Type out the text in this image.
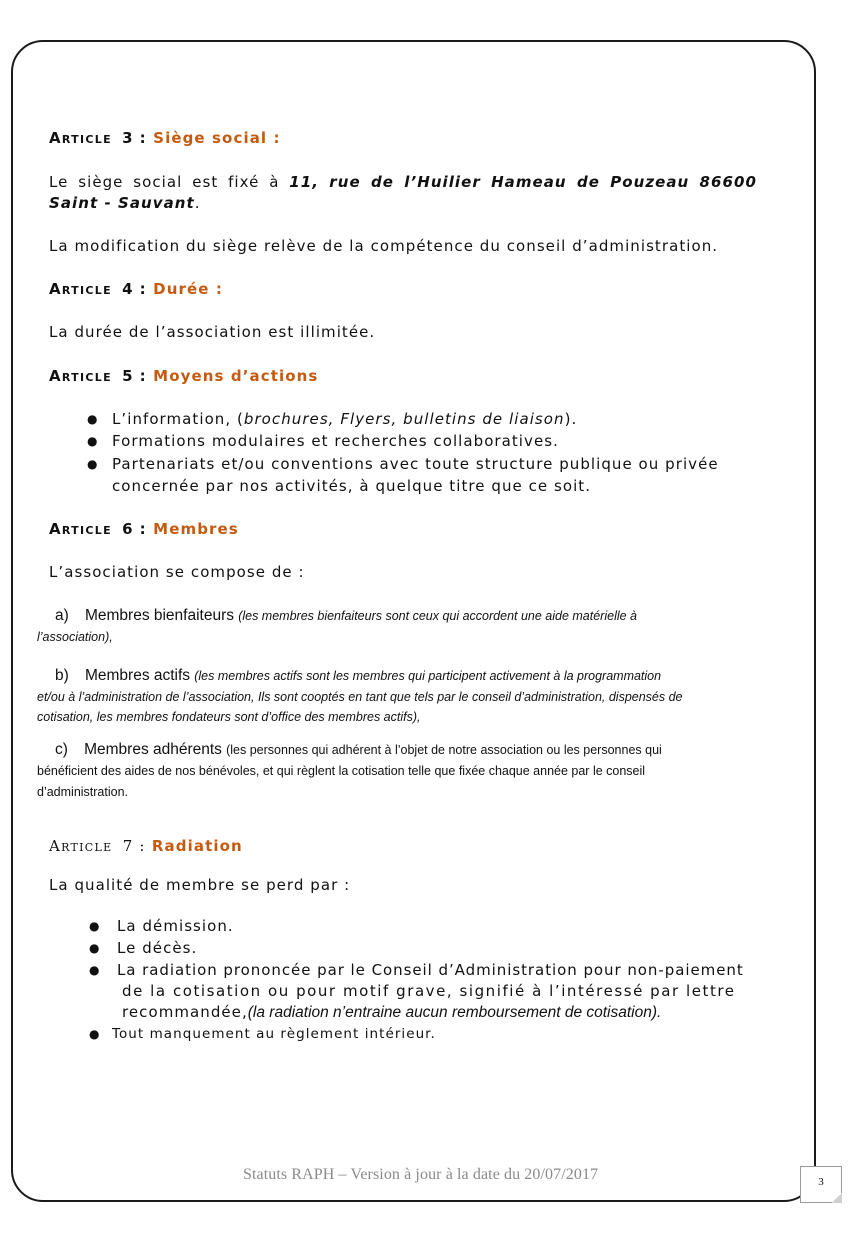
Article 3 : Siège social :

Le siège social est fixé à 11, rue de l’Huilier Hameau de Pouzeau 86600 Saint - Sauvant.

La modification du siège relève de la compétence du conseil d’administration.

Article 4 : Durée :

La durée de l’association est illimitée.

Article 5 : Moyens d’actions
● L’information, (brochures, Flyers, bulletins de liaison).
● Formations modulaires et recherches collaboratives.
● Partenariats et/ou conventions avec toute structure publique ou privée concernée par nos activités, à quelque titre que ce soit.
Article 6 : Membres

L’association se compose de :

a) Membres bienfaiteurs (les membres bienfaiteurs sont ceux qui accordent une aide matérielle à
l’association),
b) Membres actifs (les membres actifs sont les membres qui participent activement à la programmation
et/ou à l’administration de l’association, Ils sont cooptés en tant que tels par le conseil d’administration, dispensés de
cotisation, les membres fondateurs sont d’office des membres actifs),
c) Membres adhérents (les personnes qui adhérent à l’objet de notre association ou les personnes qui
bénéficient des aides de nos bénévoles, et qui règlent la cotisation telle que fixée chaque année par le conseil
d’administration.
Article 7 : Radiation

La qualité de membre se perd par :

● La démission.
● Le décès.
● La radiation prononcée par le Conseil d’Administration pour non-paiement
de la cotisation ou pour motif grave, signifié à l’intéressé par lettre
recommandée,(la radiation n’entraine aucun remboursement de cotisation).
● Tout manquement au règlement intérieur.
Statuts RAPH – Version à jour à la date du 20/07/2017	3
